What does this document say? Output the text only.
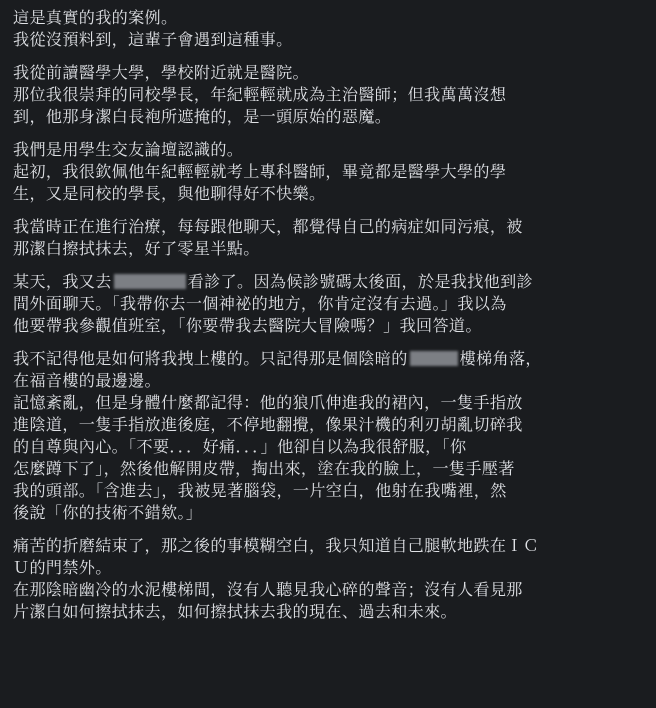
這是真實的我的案例。
我從沒預料到，這輩子會遇到這種事。
我從前讀醫學大學，學校附近就是醫院。
那位我很崇拜的同校學長，年紀輕輕就成為主治醫師；但我萬萬沒想
到，他那身潔白長袍所遮掩的，是一頭原始的惡魔。
我們是用學生交友論壇認識的。
起初，我很欽佩他年紀輕輕就考上專科醫師，畢竟都是醫學大學的學
生，又是同校的學長，與他聊得好不快樂。
我當時正在進行治療，每每跟他聊天，都覺得自己的病症如同污痕，被
那潔白擦拭抹去，好了零星半點。
某天，我又去	看診了。因為候診號碼太後面，於是我找他到診
間外面聊天。「我帶你去一個神祕的地方，你肯定沒有去過。」我以為
他要帶我參觀值班室，「你要帶我去醫院大冒險嗎？」我回答道。
我不記得他是如何將我拽上樓的。只記得那是個陰暗的	樓梯角落，
在福音樓的最邊邊。
記憶紊亂，但是身體什麼都記得：他的狼爪伸進我的裙內，一隻手指放
進陰道，一隻手指放進後庭，不停地翻攪，像果汁機的利刃胡亂切碎我
的自尊與內心。「不要．．．好痛．．．」他卻自以為我很舒服，「你
怎麼蹲下了」，然後他解開皮帶，掏出來，塗在我的臉上，一隻手壓著
我的頭部。「含進去」，我被晃著腦袋，一片空白，他射在我嘴裡，然
後說「你的技術不錯欸。」
痛苦的折磨結束了，那之後的事模糊空白，我只知道自己腿軟地跌在ＩＣ
Ｕ的門禁外。
在那陰暗幽冷的水泥樓梯間，沒有人聽見我心碎的聲音；沒有人看見那
片潔白如何擦拭抹去，如何擦拭抹去我的現在、過去和未來。
